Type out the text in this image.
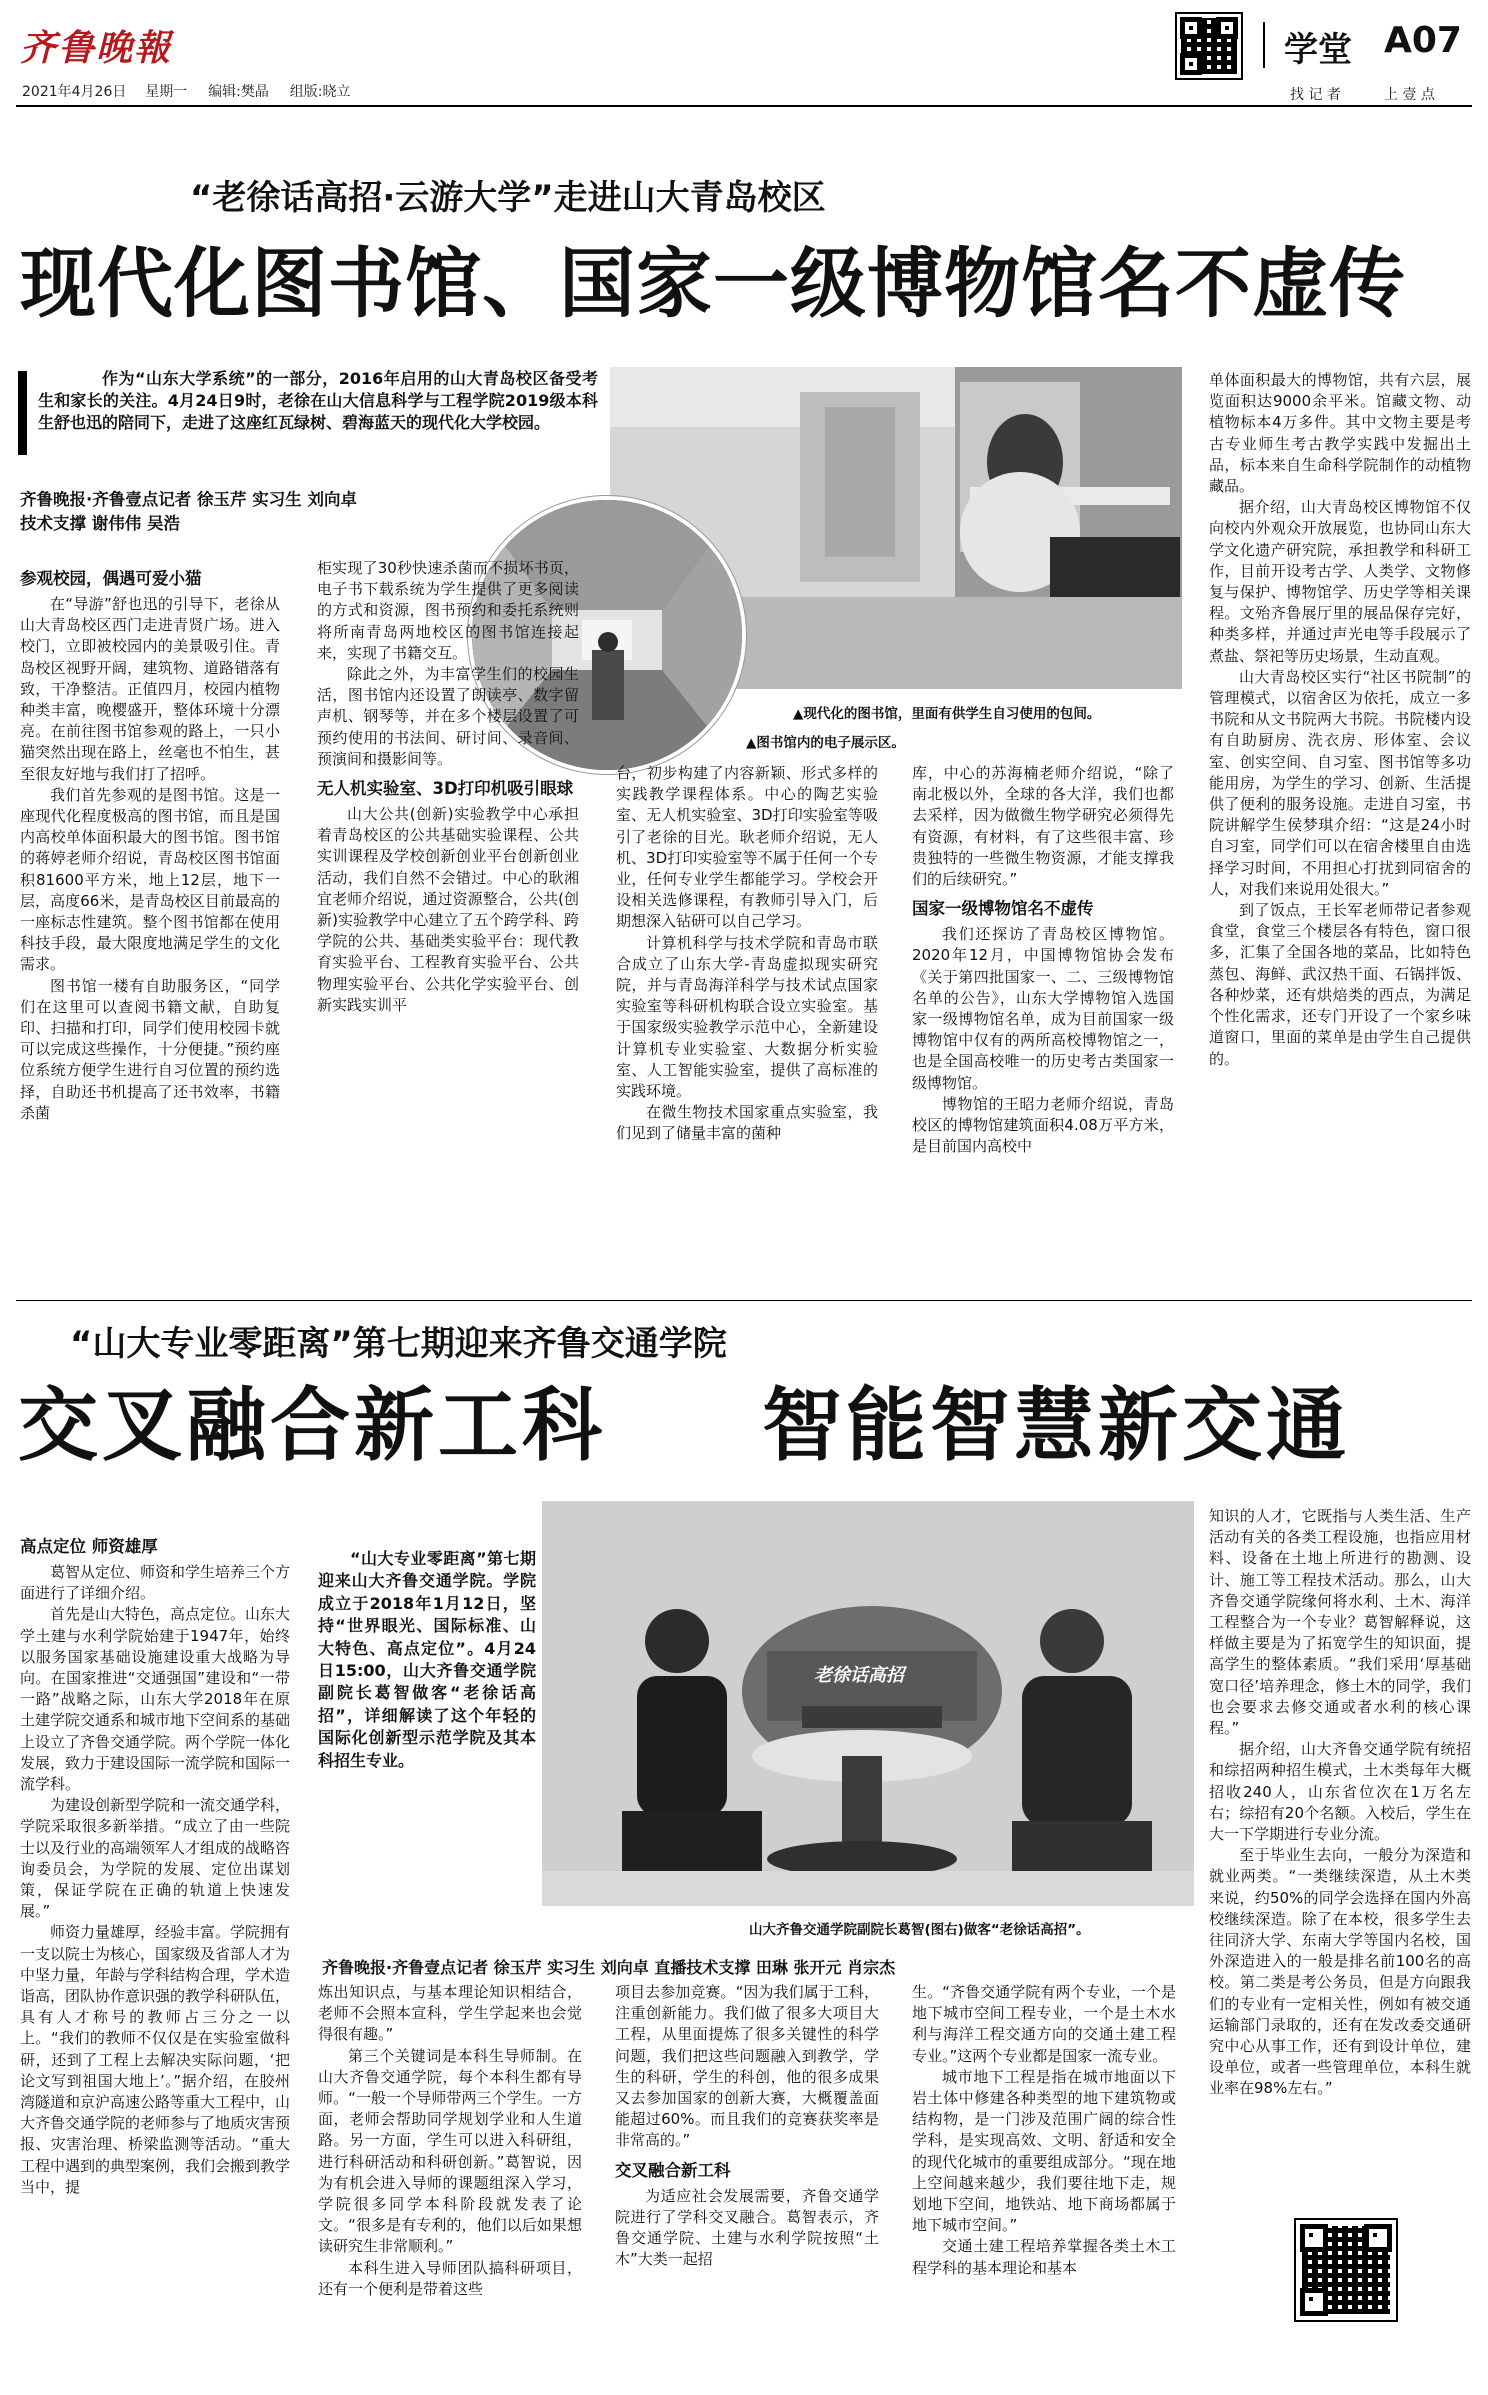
齐鲁晚報
2021年4月26日 星期一 编辑:樊晶 组版:晓立
学堂 A07
找 记 者	上 壹 点
“老徐话高招·云游大学”走进山大青岛校区
现代化图书馆、国家一级博物馆名不虚传
作为“山东大学系统”的一部分，2016年启用的山大青岛校区备受考生和家长的关注。4月24日9时，老徐在山大信息科学与工程学院2019级本科生舒也迅的陪同下，走进了这座红瓦绿树、碧海蓝天的现代化大学校园。
齐鲁晚报·齐鲁壹点记者 徐玉芹 实习生 刘向卓
技术支撑 谢伟伟 吴浩
▲现代化的图书馆，里面有供学生自习使用的包间。
▲图书馆内的电子展示区。
参观校园，偶遇可爱小猫

在“导游”舒也迅的引导下，老徐从山大青岛校区西门走进青贤广场。进入校门，立即被校园内的美景吸引住。青岛校区视野开阔，建筑物、道路错落有致，干净整洁。正值四月，校园内植物种类丰富，晚樱盛开，整体环境十分漂亮。在前往图书馆参观的路上，一只小猫突然出现在路上，丝毫也不怕生，甚至很友好地与我们打了招呼。

我们首先参观的是图书馆。这是一座现代化程度极高的图书馆，而且是国内高校单体面积最大的图书馆。图书馆的蒋婷老师介绍说，青岛校区图书馆面积81600平方米，地上12层，地下一层，高度66米，是青岛校区目前最高的一座标志性建筑。整个图书馆都在使用科技手段，最大限度地满足学生的文化需求。

图书馆一楼有自助服务区，“同学们在这里可以查阅书籍文献，自助复印、扫描和打印，同学们使用校园卡就可以完成这些操作，十分便捷。”预约座位系统方便学生进行自习位置的预约选择，自助还书机提高了还书效率，书籍杀菌

柜实现了30秒快速杀菌而不损坏书页，电子书下载系统为学生提供了更多阅读的方式和资源，图书预约和委托系统则将所南青岛两地校区的图书馆连接起来，实现了书籍交互。

除此之外，为丰富学生们的校园生活，图书馆内还设置了朗读亭、数字留声机、钢琴等，并在多个楼层设置了可预约使用的书法间、研讨间、录音间、预演间和摄影间等。

无人机实验室、3D打印机吸引眼球

山大公共(创新)实验教学中心承担着青岛校区的公共基础实验课程、公共实训课程及学校创新创业平台创新创业活动，我们自然不会错过。中心的耿湘宜老师介绍说，通过资源整合，公共(创新)实验教学中心建立了五个跨学科、跨学院的公共、基础类实验平台：现代教育实验平台、工程教育实验平台、公共物理实验平台、公共化学实验平台、创新实践实训平

台，初步构建了内容新颖、形式多样的实践教学课程体系。中心的陶艺实验室、无人机实验室、3D打印实验室等吸引了老徐的目光。耿老师介绍说，无人机、3D打印实验室等不属于任何一个专业，任何专业学生都能学习。学校会开设相关选修课程，有教师引导入门，后期想深入钻研可以自己学习。

计算机科学与技术学院和青岛市联合成立了山东大学-青岛虚拟现实研究院，并与青岛海洋科学与技术试点国家实验室等科研机构联合设立实验室。基于国家级实验教学示范中心，全新建设计算机专业实验室、大数据分析实验室、人工智能实验室，提供了高标准的实践环境。

在微生物技术国家重点实验室，我们见到了储量丰富的菌种

库，中心的苏海楠老师介绍说，“除了南北极以外，全球的各大洋，我们也都去采样，因为做微生物学研究必须得先有资源，有材料，有了这些很丰富、珍贵独特的一些微生物资源，才能支撑我们的后续研究。”

国家一级博物馆名不虚传

我们还探访了青岛校区博物馆。2020年12月，中国博物馆协会发布《关于第四批国家一、二、三级博物馆名单的公告》，山东大学博物馆入选国家一级博物馆名单，成为目前国家一级博物馆中仅有的两所高校博物馆之一，也是全国高校唯一的历史考古类国家一级博物馆。

博物馆的王昭力老师介绍说，青岛校区的博物馆建筑面积4.08万平方米，是目前国内高校中

单体面积最大的博物馆，共有六层，展览面积达9000余平米。馆藏文物、动植物标本4万多件。其中文物主要是考古专业师生考古教学实践中发掘出土品，标本来自生命科学院制作的动植物藏品。

据介绍，山大青岛校区博物馆不仅向校内外观众开放展览，也协同山东大学文化遗产研究院，承担教学和科研工作，目前开设考古学、人类学、文物修复与保护、博物馆学、历史学等相关课程。文殆齐鲁展厅里的展品保存完好，种类多样，并通过声光电等手段展示了煮盐、祭祀等历史场景，生动直观。

山大青岛校区实行“社区书院制”的管理模式，以宿舍区为依托，成立一多书院和从文书院两大书院。书院楼内设有自助厨房、洗衣房、形体室、会议室、创实空间、自习室、图书馆等多功能用房，为学生的学习、创新、生活提供了便利的服务设施。走进自习室，书院讲解学生侯梦琪介绍：“这是24小时自习室，同学们可以在宿舍楼里自由选择学习时间，不用担心打扰到同宿舍的人，对我们来说用处很大。”

到了饭点，王长军老师带记者参观食堂，食堂三个楼层各有特色，窗口很多，汇集了全国各地的菜品，比如特色蒸包、海鲜、武汉热干面、石锅拌饭、各种炒菜，还有烘焙类的西点，为满足个性化需求，还专门开设了一个家乡味道窗口，里面的菜单是由学生自己提供的。

“山大专业零距离”第七期迎来齐鲁交通学院
交叉融合新工科 智能智慧新交通
老徐话高招
山大齐鲁交通学院副院长葛智(图右)做客“老徐话高招”。
“山大专业零距离”第七期迎来山大齐鲁交通学院。学院成立于2018年1月12日，坚持“世界眼光、国际标准、山大特色、高点定位”。4月24日15:00，山大齐鲁交通学院副院长葛智做客“老徐话高招”，详细解读了这个年轻的国际化创新型示范学院及其本科招生专业。
齐鲁晚报·齐鲁壹点记者 徐玉芹 实习生 刘向卓 直播技术支撑 田琳 张开元 肖宗杰
高点定位 师资雄厚

葛智从定位、师资和学生培养三个方面进行了详细介绍。

首先是山大特色，高点定位。山东大学土建与水利学院始建于1947年，始终以服务国家基础设施建设重大战略为导向。在国家推进“交通强国”建设和“一带一路”战略之际，山东大学2018年在原土建学院交通系和城市地下空间系的基础上设立了齐鲁交通学院。两个学院一体化发展，致力于建设国际一流学院和国际一流学科。

为建设创新型学院和一流交通学科，学院采取很多新举措。“成立了由一些院士以及行业的高端领军人才组成的战略咨询委员会，为学院的发展、定位出谋划策，保证学院在正确的轨道上快速发展。”

师资力量雄厚，经验丰富。学院拥有一支以院士为核心，国家级及省部人才为中坚力量，年龄与学科结构合理，学术造诣高，团队协作意识强的教学科研队伍，具有人才称号的教师占三分之一以上。“我们的教师不仅仅是在实验室做科研，还到了工程上去解决实际问题，‘把论文写到祖国大地上’。”据介绍，在胶州湾隧道和京沪高速公路等重大工程中，山大齐鲁交通学院的老师参与了地质灾害预报、灾害治理、桥梁监测等活动。“重大工程中遇到的典型案例，我们会搬到教学当中，提

炼出知识点，与基本理论知识相结合，老师不会照本宣科，学生学起来也会觉得很有趣。”

第三个关键词是本科生导师制。在山大齐鲁交通学院，每个本科生都有导师。“一般一个导师带两三个学生。一方面，老师会帮助同学规划学业和人生道路。另一方面，学生可以进入科研组，进行科研活动和科研创新。”葛智说，因为有机会进入导师的课题组深入学习，学院很多同学本科阶段就发表了论文。“很多是有专利的，他们以后如果想读研究生非常顺利。”

本科生进入导师团队搞科研项目，还有一个便利是带着这些

项目去参加竞赛。“因为我们属于工科，注重创新能力。我们做了很多大项目大工程，从里面提炼了很多关键性的科学问题，我们把这些问题融入到教学，学生的科研，学生的科创，他的很多成果又去参加国家的创新大赛，大概覆盖面能超过60%。而且我们的竞赛获奖率是非常高的。”

交叉融合新工科

为适应社会发展需要，齐鲁交通学院进行了学科交叉融合。葛智表示，齐鲁交通学院、土建与水利学院按照“土木”大类一起招

生。“齐鲁交通学院有两个专业，一个是地下城市空间工程专业，一个是土木水利与海洋工程交通方向的交通土建工程专业。”这两个专业都是国家一流专业。

城市地下工程是指在城市地面以下岩土体中修建各种类型的地下建筑物或结构物，是一门涉及范围广阔的综合性学科，是实现高效、文明、舒适和安全的现代化城市的重要组成部分。“现在地上空间越来越少，我们要往地下走，规划地下空间，地铁站、地下商场都属于地下城市空间。”

交通土建工程培养掌握各类土木工程学科的基本理论和基本

知识的人才，它既指与人类生活、生产活动有关的各类工程设施，也指应用材料、设备在土地上所进行的勘测、设计、施工等工程技术活动。那么，山大齐鲁交通学院缘何将水利、土木、海洋工程整合为一个专业？葛智解释说，这样做主要是为了拓宽学生的知识面，提高学生的整体素质。“我们采用‘厚基础宽口径’培养理念，修土木的同学，我们也会要求去修交通或者水利的核心课程。”

据介绍，山大齐鲁交通学院有统招和综招两种招生模式，土木类每年大概招收240人，山东省位次在1万名左右；综招有20个名额。入校后，学生在大一下学期进行专业分流。

至于毕业生去向，一般分为深造和就业两类。“一类继续深造，从土木类来说，约50%的同学会选择在国内外高校继续深造。除了在本校，很多学生去往同济大学、东南大学等国内名校，国外深造进入的一般是排名前100名的高校。第二类是考公务员，但是方向跟我们的专业有一定相关性，例如有被交通运输部门录取的，还有在发改委交通研究中心从事工作，还有到设计单位，建设单位，或者一些管理单位，本科生就业率在98%左右。”
